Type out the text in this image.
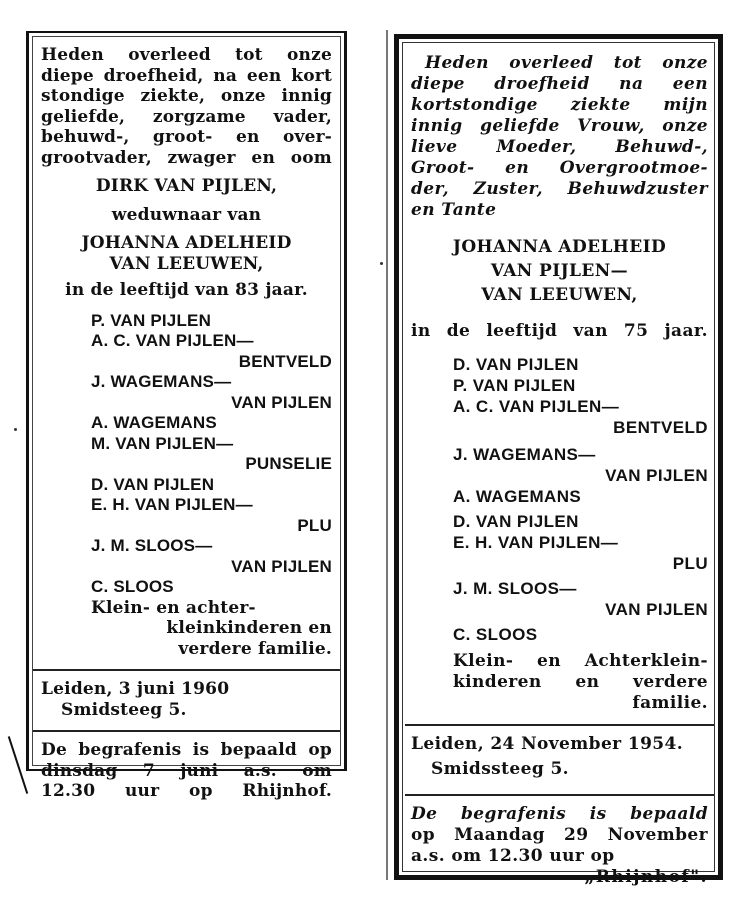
Heden overleed tot onze

diepe droefheid, na een kort

stondige ziekte, onze innig

geliefde, zorgzame vader,

behuwd-, groot- en over-

grootvader, zwager en oom

DIRK VAN PIJLEN,

weduwnaar van

JOHANNA ADELHEID

VAN LEEUWEN,

in de leeftijd van 83 jaar.

P. VAN PIJLEN

A. C. VAN PIJLEN—

BENTVELD

J. WAGEMANS—

VAN PIJLEN

A. WAGEMANS

M. VAN PIJLEN—

PUNSELIE

D. VAN PIJLEN

E. H. VAN PIJLEN—

PLU

J. M. SLOOS—

VAN PIJLEN

C. SLOOS

Klein- en achter-

kleinkinderen en

verdere familie.

Leiden, 3 juni 1960

Smidsteeg 5.

De begrafenis is bepaald op

dinsdag 7 juni a.s. om

12.30 uur op Rhijnhof.

Heden overleed tot onze

diepe droefheid na een

kortstondige ziekte mijn

innig geliefde Vrouw, onze

lieve Moeder, Behuwd-,

Groot- en Overgrootmoe-

der, Zuster, Behuwdzuster

en Tante

JOHANNA ADELHEID

VAN PIJLEN—

VAN LEEUWEN,

in de leeftijd van 75 jaar.

D. VAN PIJLEN

P. VAN PIJLEN

A. C. VAN PIJLEN—

BENTVELD

J. WAGEMANS—

VAN PIJLEN

A. WAGEMANS

D. VAN PIJLEN

E. H. VAN PIJLEN—

PLU

J. M. SLOOS—

VAN PIJLEN

C. SLOOS

Klein- en Achterklein-

kinderen en verdere

familie.

Leiden, 24 November 1954.

Smidssteeg 5.

De begrafenis is bepaald

op Maandag 29 November

a.s. om 12.30 uur op

„Rhijnhof".
